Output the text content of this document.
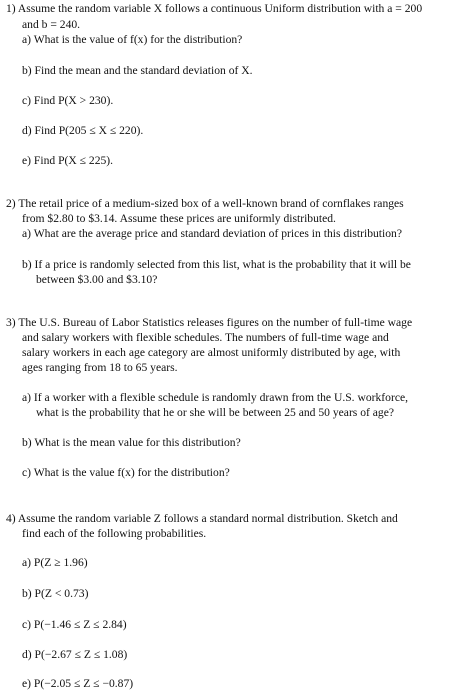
1) Assume the random variable X follows a continuous Uniform distribution with a = 200
and b = 240.
a) What is the value of f(x) for the distribution?
b) Find the mean and the standard deviation of X.
c) Find P(X > 230).
d) Find P(205 ≤ X ≤ 220).
e) Find P(X ≤ 225).
2) The retail price of a medium-sized box of a well-known brand of cornflakes ranges
from $2.80 to $3.14. Assume these prices are uniformly distributed.
a) What are the average price and standard deviation of prices in this distribution?
b) If a price is randomly selected from this list, what is the probability that it will be
between $3.00 and $3.10?
3) The U.S. Bureau of Labor Statistics releases figures on the number of full-time wage
and salary workers with flexible schedules. The numbers of full-time wage and
salary workers in each age category are almost uniformly distributed by age, with
ages ranging from 18 to 65 years.
a) If a worker with a flexible schedule is randomly drawn from the U.S. workforce,
what is the probability that he or she will be between 25 and 50 years of age?
b) What is the mean value for this distribution?
c) What is the value f(x) for the distribution?
4) Assume the random variable Z follows a standard normal distribution. Sketch and
find each of the following probabilities.
a) P(Z ≥ 1.96)
b) P(Z < 0.73)
c) P(−1.46 ≤ Z ≤ 2.84)
d) P(−2.67 ≤ Z ≤ 1.08)
e) P(−2.05 ≤ Z ≤ −0.87)
